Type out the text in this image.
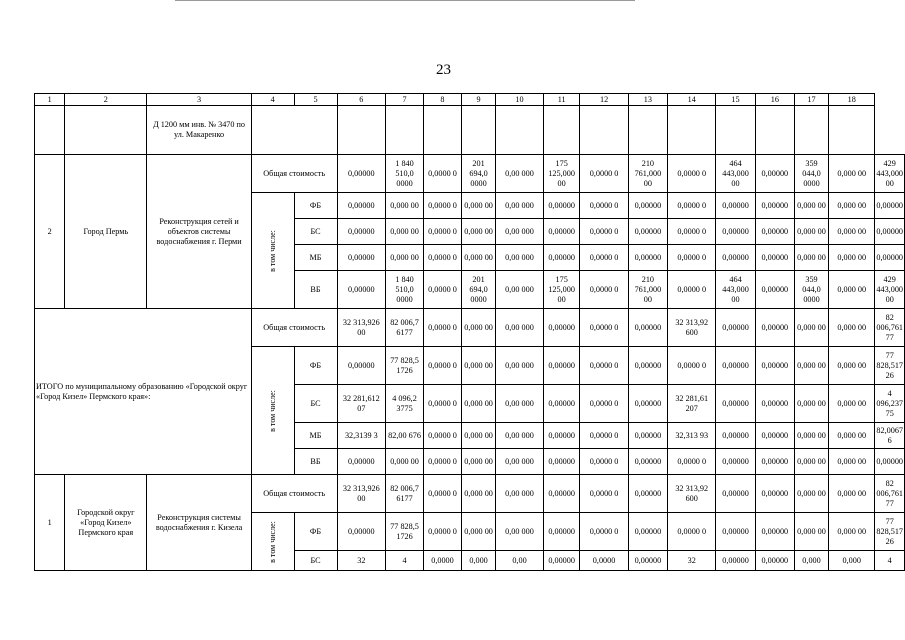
23
1	2	3	4	5	6	7	8	9	10	11	12	13	14	15	16	17	18	
		Д 1200 мм инв. № 3470 по ул. Макаренко																
2	Город Пермь	Реконструкция сетей и объектов системы водоснабжения г. Перми	Общая стоимость		0,00000	1 840 510,0 0000	0,0000 0	201 694,0 0000	0,00 000	175 125,000 00	0,0000 0	210 761,000 00	0,0000 0	464 443,000 00	0,00000	359 044,0 0000	0,000 00	429 443,000 00
			в том числе:	ФБ	0,00000	0,000 00	0,0000 0	0,000 00	0,00 000	0,00000	0,0000 0	0,00000	0,0000 0	0,00000	0,00000	0,000 00	0,000 00	0,00000
				БС	0,00000	0,000 00	0,0000 0	0,000 00	0,00 000	0,00000	0,0000 0	0,00000	0,0000 0	0,00000	0,00000	0,000 00	0,000 00	0,00000
				МБ	0,00000	0,000 00	0,0000 0	0,000 00	0,00 000	0,00000	0,0000 0	0,00000	0,0000 0	0,00000	0,00000	0,000 00	0,000 00	0,00000
				ВБ	0,00000	1 840 510,0 0000	0,0000 0	201 694,0 0000	0,00 000	175 125,000 00	0,0000 0	210 761,000 00	0,0000 0	464 443,000 00	0,00000	359 044,0 0000	0,000 00	429 443,000 00
ИТОГО по муниципальному образованию «Городской округ «Город Кизел» Пермского края»:			Общая стоимость		32 313,926 00	82 006,7 6177	0,0000 0	0,000 00	0,00 000	0,00000	0,0000 0	0,00000	32 313,92 600	0,00000	0,00000	0,000 00	0,000 00	82 006,761 77
			в том числе:	ФБ	0,00000	77 828,5 1726	0,0000 0	0,000 00	0,00 000	0,00000	0,0000 0	0,00000	0,0000 0	0,00000	0,00000	0,000 00	0,000 00	77 828,517 26
				БС	32 281,612 07	4 096,2 3775	0,0000 0	0,000 00	0,00 000	0,00000	0,0000 0	0,00000	32 281,61 207	0,00000	0,00000	0,000 00	0,000 00	4 096,237 75
				МБ	32,3139 3	82,00 676	0,0000 0	0,000 00	0,00 000	0,00000	0,0000 0	0,00000	32,313 93	0,00000	0,00000	0,000 00	0,000 00	82,0067 6
				ВБ	0,00000	0,000 00	0,0000 0	0,000 00	0,00 000	0,00000	0,0000 0	0,00000	0,0000 0	0,00000	0,00000	0,000 00	0,000 00	0,00000
1	Городской округ «Город Кизел» Пермского края	Реконструкция системы водоснабжения г. Кизела	Общая стоимость		32 313,926 00	82 006,7 6177	0,0000 0	0,000 00	0,00 000	0,00000	0,0000 0	0,00000	32 313,92 600	0,00000	0,00000	0,000 00	0,000 00	82 006,761 77
			в том числе:	ФБ	0,00000	77 828,5 1726	0,0000 0	0,000 00	0,00 000	0,00000	0,0000 0	0,00000	0,0000 0	0,00000	0,00000	0,000 00	0,000 00	77 828,517 26
				БС	32	4	0,0000	0,000	0,00	0,00000	0,0000	0,00000	32	0,00000	0,00000	0,000	0,000	4
